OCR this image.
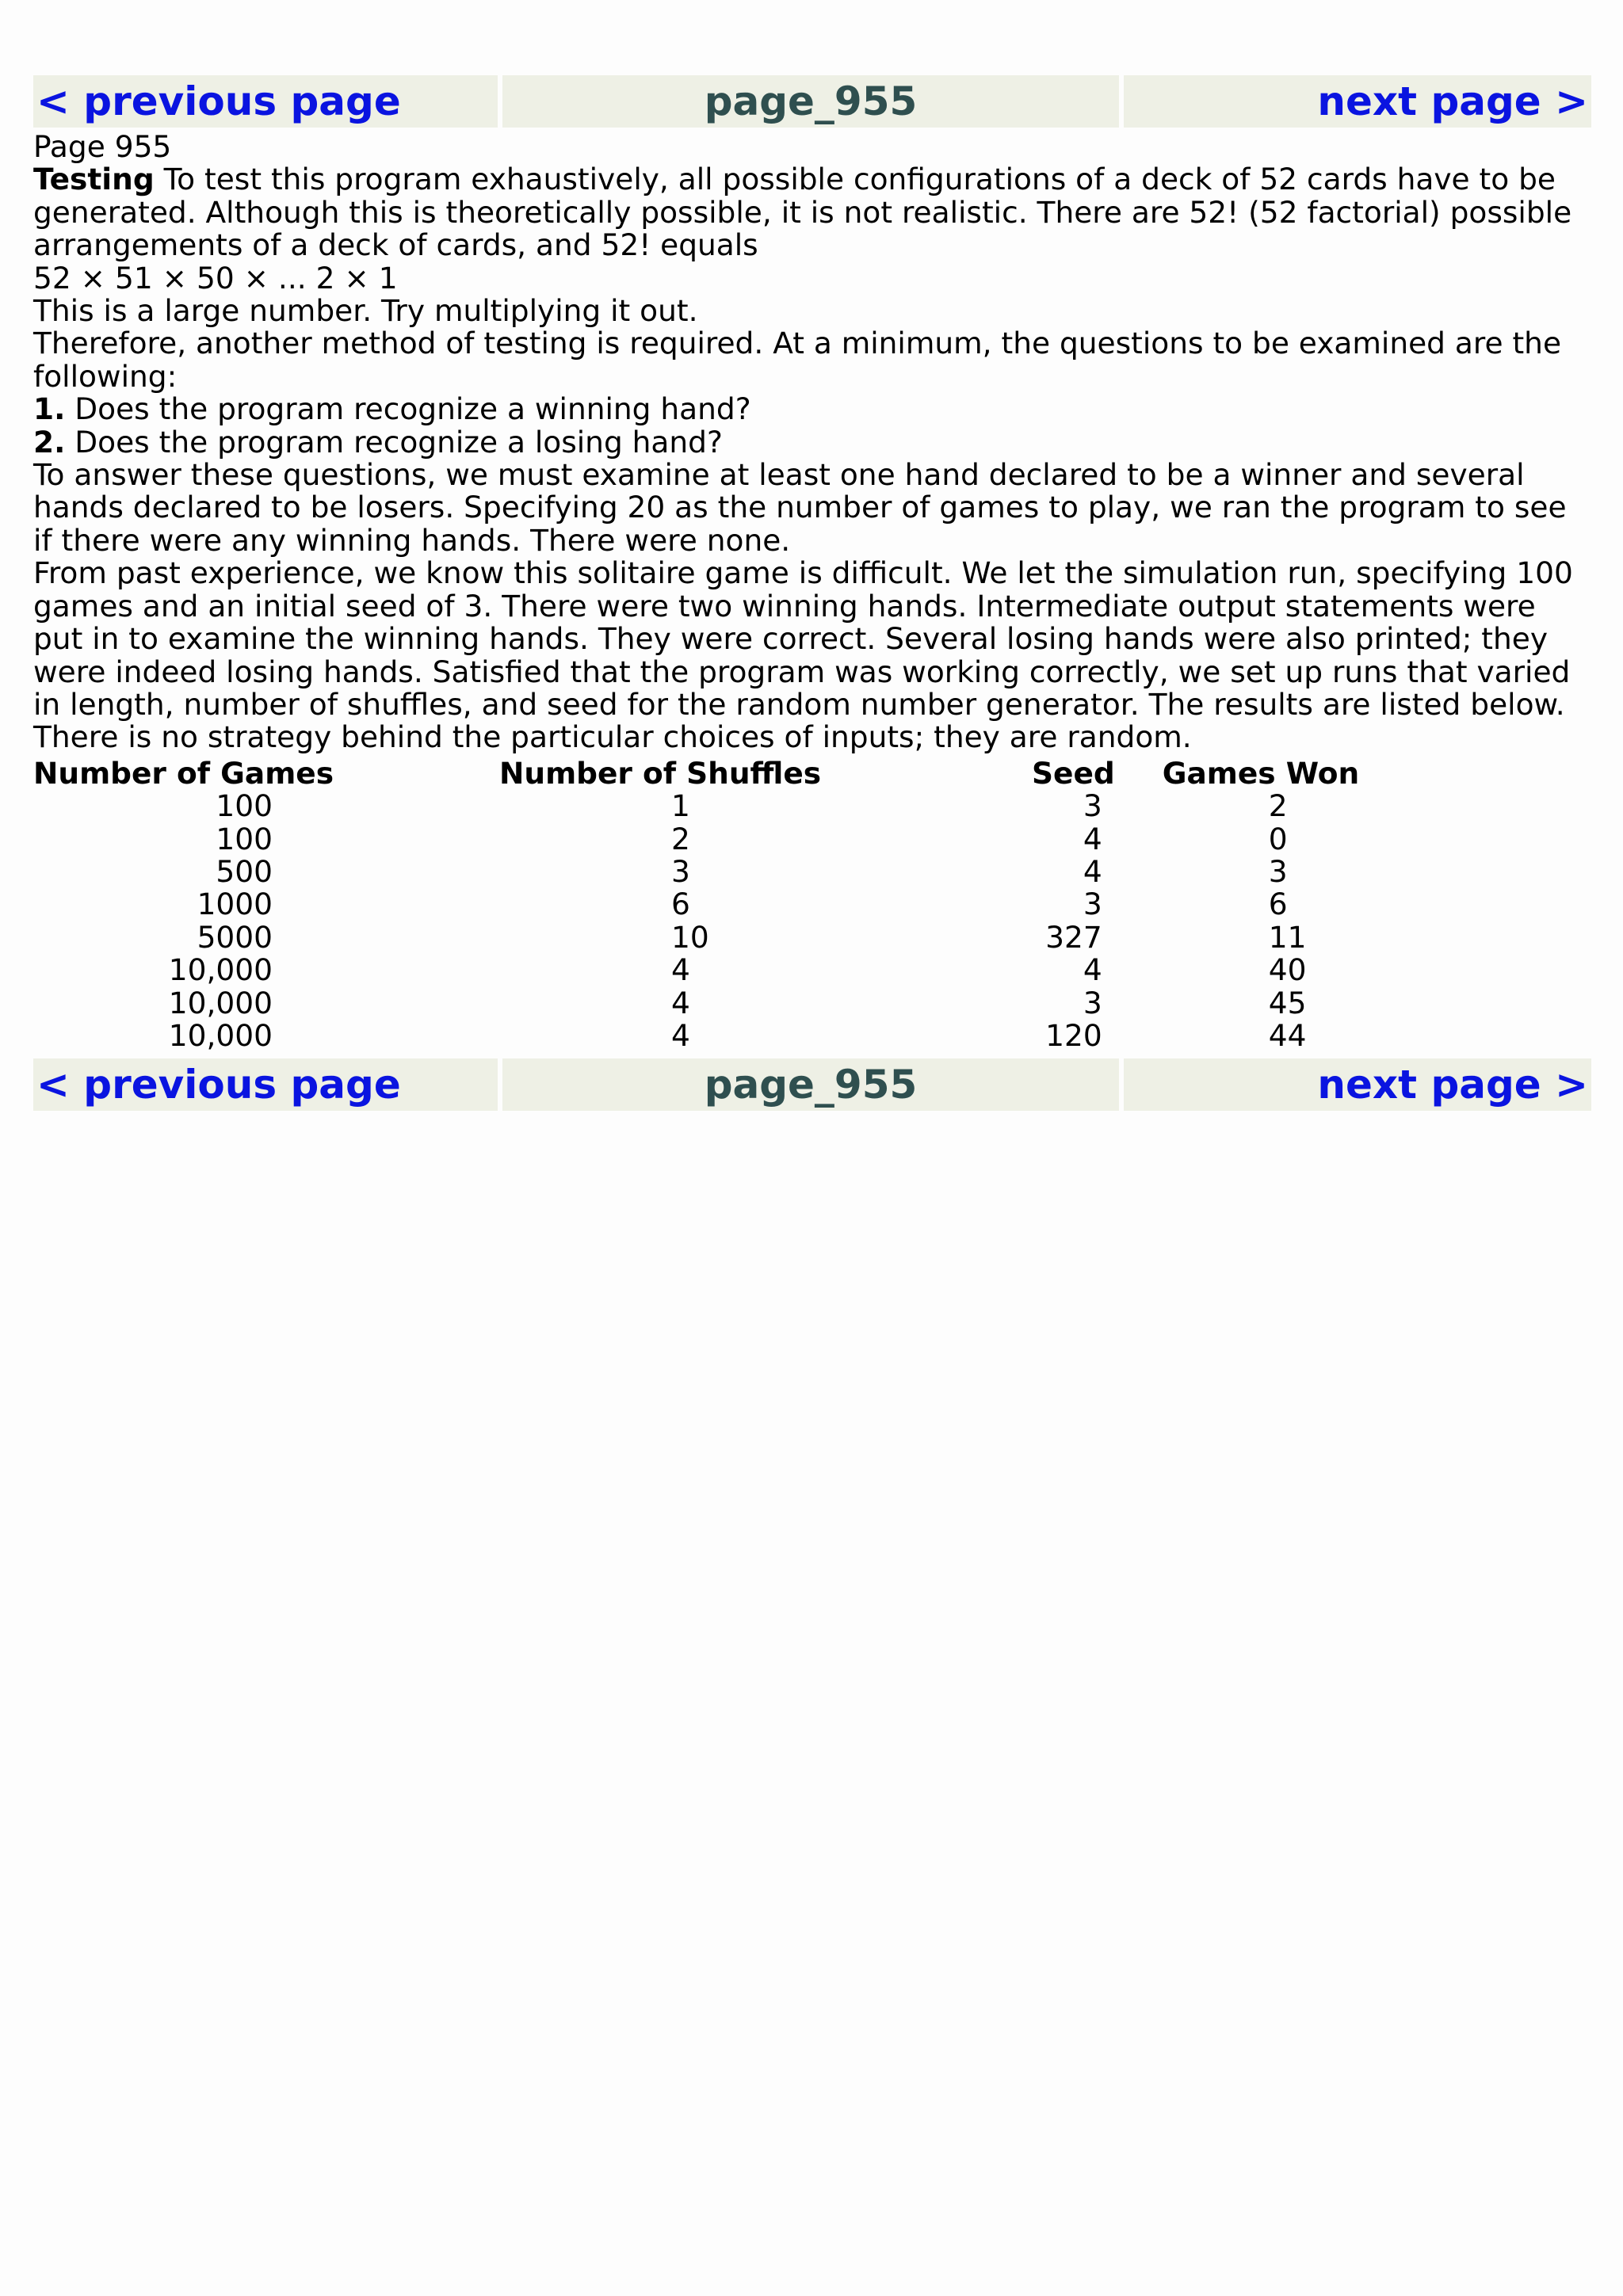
< previous page	page_955	next page >

Page 955

Testing To test this program exhaustively, all possible configurations of a deck of 52 cards have to be generated. Although this is theoretically possible, it is not realistic. There are 52! (52 factorial) possible arrangements of a deck of cards, and 52! equals

52 × 51 × 50 × ... 2 × 1

This is a large number. Try multiplying it out.

Therefore, another method of testing is required. At a minimum, the questions to be examined are the following:

1. Does the program recognize a winning hand?

2. Does the program recognize a losing hand?

To answer these questions, we must examine at least one hand declared to be a winner and several hands declared to be losers. Specifying 20 as the number of games to play, we ran the program to see if there were any winning hands. There were none.

From past experience, we know this solitaire game is difficult. We let the simulation run, specifying 100 games and an initial seed of 3. There were two winning hands. Intermediate output statements were put in to examine the winning hands. They were correct. Several losing hands were also printed; they were indeed losing hands. Satisfied that the program was working correctly, we set up runs that varied in length, number of shuffles, and seed for the random number generator. The results are listed below. There is no strategy behind the particular choices of inputs; they are random.

Number of Games	Number of Shuffles	Seed	Games Won
100	1	3	2
100	2	4	0
500	3	4	3
1000	6	3	6
5000	10	327	11
10,000	4	4	40
10,000	4	3	45
10,000	4	120	44
< previous page	page_955	next page >
